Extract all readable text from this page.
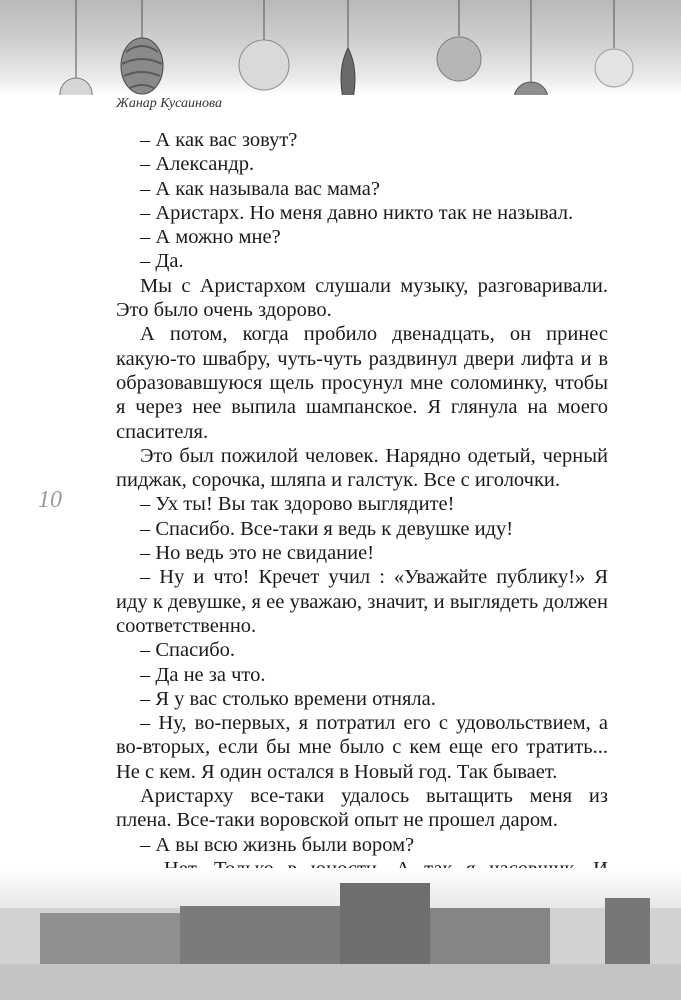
Жанар Кусаинова
10

– А как вас зовут?

– Александр.

– А как называла вас мама?

– Аристарх. Но меня давно никто так не называл.

– А можно мне?

– Да.

Мы с Аристархом слушали музыку, разговаривали. Это было очень здорово.

А потом, когда пробило двенадцать, он принес какую-то швабру, чуть-чуть раздвинул двери лифта и в образовавшуюся щель просунул мне соломинку, чтобы я через нее выпила шампанское. Я глянула на моего спасителя.

Это был пожилой человек. Нарядно одетый, черный пиджак, сорочка, шляпа и галстук. Все с иголочки.

– Ух ты! Вы так здорово выглядите!

– Спасибо. Все-таки я ведь к девушке иду!

– Но ведь это не свидание!

– Ну и что! Кречет учил : «Уважайте публику!» Я иду к девушке, я ее уважаю, значит, и выглядеть должен соответственно.

– Спасибо.

– Да не за что.

– Я у вас столько времени отняла.

– Ну, во-первых, я потратил его с удовольствием, а во-вторых, если бы мне было с кем еще его тратить... Не с кем. Я один остался в Новый год. Так бывает.

Аристарху все-таки удалось вытащить меня из плена. Все-таки воровской опыт не прошел даром.

– А вы всю жизнь были вором?
